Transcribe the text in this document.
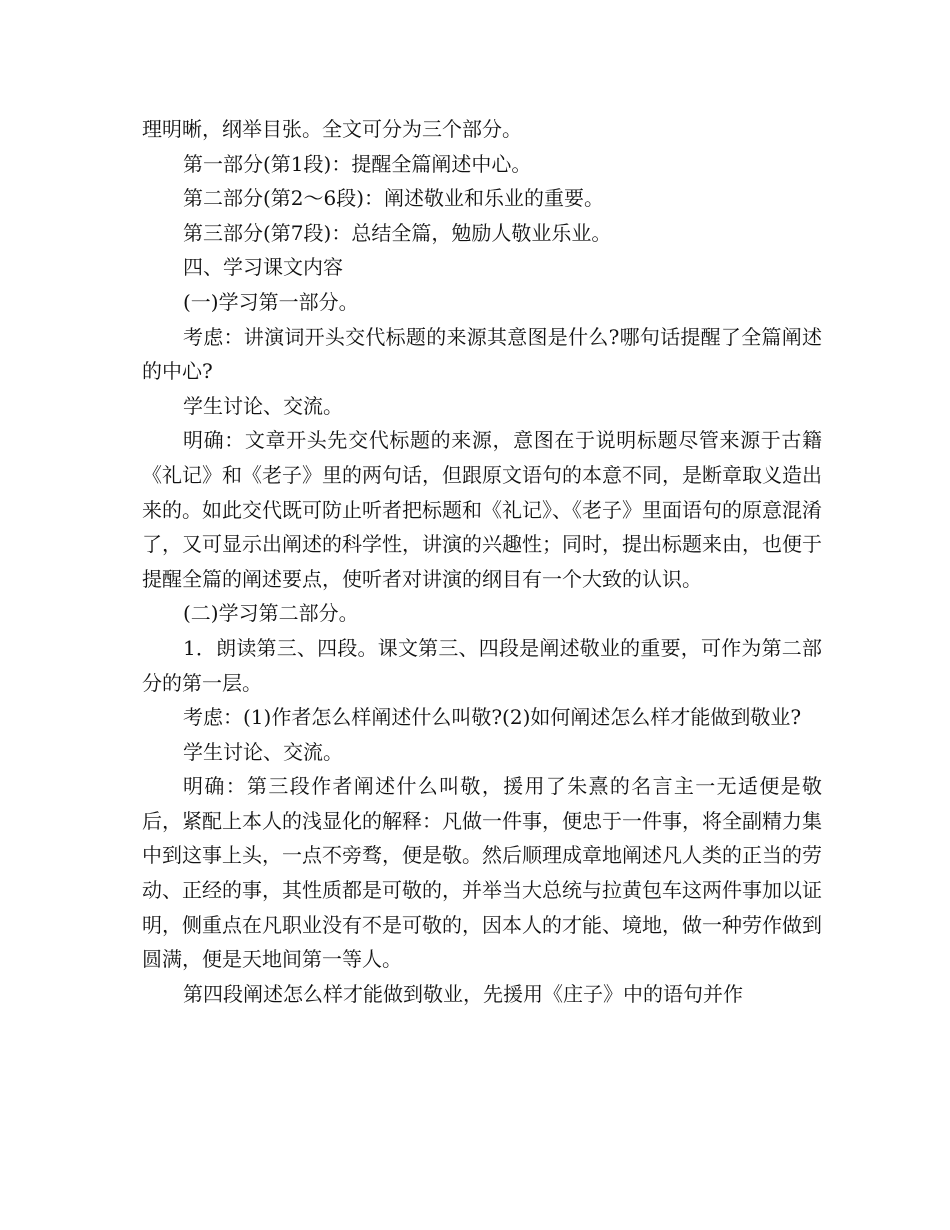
理明晰，纲举目张。全文可分为三个部分。

第一部分(第1段)：提醒全篇阐述中心。

第二部分(第2～6段)：阐述敬业和乐业的重要。

第三部分(第7段)：总结全篇，勉励人敬业乐业。

四、学习课文内容

(一)学习第一部分。

考虑：讲演词开头交代标题的来源其意图是什么?哪句话提醒了全篇阐述的中心?

学生讨论、交流。

明确：文章开头先交代标题的来源，意图在于说明标题尽管来源于古籍《礼记》和《老子》里的两句话，但跟原文语句的本意不同，是断章取义造出来的。如此交代既可防止听者把标题和《礼记》、《老子》里面语句的原意混淆了，又可显示出阐述的科学性，讲演的兴趣性；同时，提出标题来由，也便于提醒全篇的阐述要点，使听者对讲演的纲目有一个大致的认识。

(二)学习第二部分。

1．朗读第三、四段。课文第三、四段是阐述敬业的重要，可作为第二部分的第一层。

考虑：(1)作者怎么样阐述什么叫敬?(2)如何阐述怎么样才能做到敬业?

学生讨论、交流。

明确：第三段作者阐述什么叫敬，援用了朱熹的名言主一无适便是敬后，紧配上本人的浅显化的解释：凡做一件事，便忠于一件事，将全副精力集中到这事上头，一点不旁骛，便是敬。然后顺理成章地阐述凡人类的正当的劳动、正经的事，其性质都是可敬的，并举当大总统与拉黄包车这两件事加以证明，侧重点在凡职业没有不是可敬的，因本人的才能、境地，做一种劳作做到圆满，便是天地间第一等人。

第四段阐述怎么样才能做到敬业，先援用《庄子》中的语句并作
